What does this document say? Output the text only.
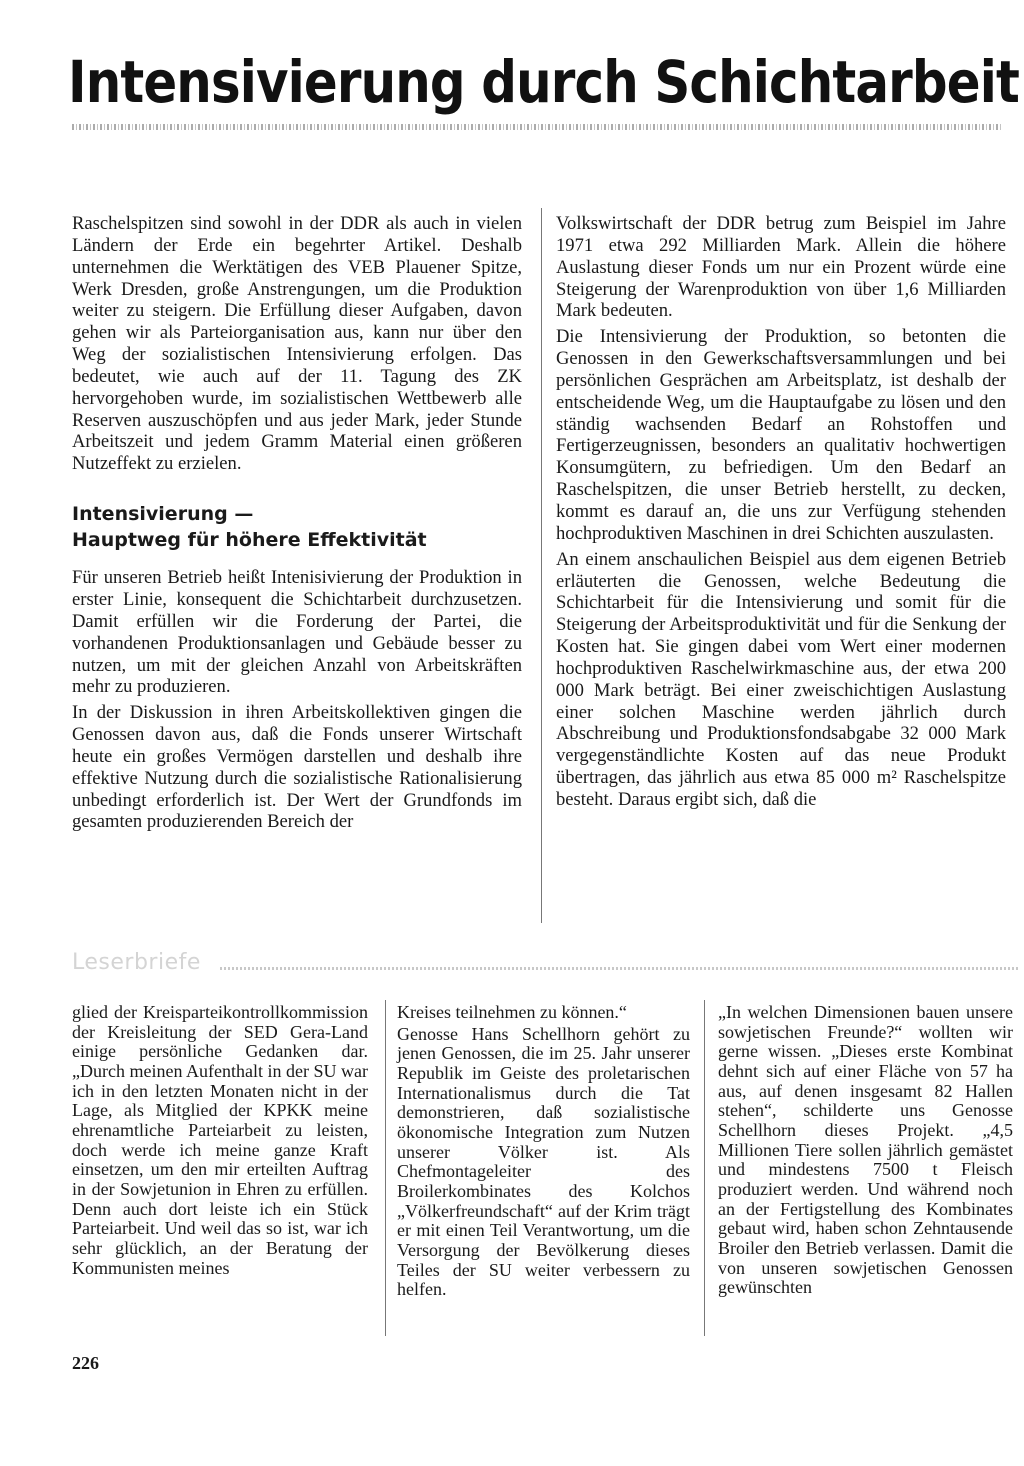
Intensivierung durch Schichtarbeit

Raschelspitzen sind sowohl in der DDR als auch in vielen Ländern der Erde ein begehrter Artikel. Deshalb unternehmen die Werktätigen des VEB Plauener Spitze, Werk Dresden, große Anstrengungen, um die Produktion weiter zu steigern. Die Erfüllung dieser Aufgaben, davon gehen wir als Parteiorganisation aus, kann nur über den Weg der sozialistischen Intensivierung erfolgen. Das bedeutet, wie auch auf der 11. Tagung des ZK hervorgehoben wurde, im sozialistischen Wettbewerb alle Reserven auszuschöpfen und aus jeder Mark, jeder Stunde Arbeitszeit und jedem Gramm Material einen größeren Nutzeffekt zu erzielen.

Intensivierung —
Hauptweg für höhere Effektivität

Für unseren Betrieb heißt Intenisivierung der Produktion in erster Linie, konsequent die Schichtarbeit durchzusetzen. Damit erfüllen wir die Forderung der Partei, die vorhandenen Produktionsanlagen und Gebäude besser zu nutzen, um mit der gleichen Anzahl von Arbeitskräften mehr zu produzieren.

In der Diskussion in ihren Arbeitskollektiven gingen die Genossen davon aus, daß die Fonds unserer Wirtschaft heute ein großes Vermögen darstellen und deshalb ihre effektive Nutzung durch die sozialistische Rationalisierung unbedingt erforderlich ist. Der Wert der Grundfonds im gesamten produzierenden Bereich der

Volkswirtschaft der DDR betrug zum Beispiel im Jahre 1971 etwa 292 Milliarden Mark. Allein die höhere Auslastung dieser Fonds um nur ein Prozent würde eine Steigerung der Warenproduktion von über 1,6 Milliarden Mark bedeuten.

Die Intensivierung der Produktion, so betonten die Genossen in den Gewerkschaftsversammlungen und bei persönlichen Gesprächen am Arbeitsplatz, ist deshalb der entscheidende Weg, um die Hauptaufgabe zu lösen und den ständig wachsenden Bedarf an Rohstoffen und Fertigerzeugnissen, besonders an qualitativ hochwertigen Konsumgütern, zu befriedigen. Um den Bedarf an Raschelspitzen, die unser Betrieb herstellt, zu decken, kommt es darauf an, die uns zur Verfügung stehenden hochproduktiven Maschinen in drei Schichten auszulasten.

An einem anschaulichen Beispiel aus dem eigenen Betrieb erläuterten die Genossen, welche Bedeutung die Schichtarbeit für die Intensivierung und somit für die Steigerung der Arbeitsproduktivität und für die Senkung der Kosten hat. Sie gingen dabei vom Wert einer modernen hochproduktiven Raschelwirkmaschine aus, der etwa 200 000 Mark beträgt. Bei einer zweischichtigen Auslastung einer solchen Maschine werden jährlich durch Abschreibung und Produktionsfondsabgabe 32 000 Mark vergegenständlichte Kosten auf das neue Produkt übertragen, das jährlich aus etwa 85 000 m² Raschelspitze besteht. Daraus ergibt sich, daß die

Leserbriefe

glied der Kreisparteikontrollkommission der Kreisleitung der SED Gera-Land einige persönliche Gedanken dar. „Durch meinen Aufenthalt in der SU war ich in den letzten Monaten nicht in der Lage, als Mitglied der KPKK meine ehrenamtliche Parteiarbeit zu leisten, doch werde ich meine ganze Kraft einsetzen, um den mir erteilten Auftrag in der Sowjetunion in Ehren zu erfüllen. Denn auch dort leiste ich ein Stück Parteiarbeit. Und weil das so ist, war ich sehr glücklich, an der Beratung der Kommunisten meines

Kreises teilnehmen zu können.“

Genosse Hans Schellhorn gehört zu jenen Genossen, die im 25. Jahr unserer Republik im Geiste des proletarischen Internationalismus durch die Tat demonstrieren, daß sozialistische ökonomische Integration zum Nutzen unserer Völker ist. Als Chefmontageleiter des Broilerkombinates des Kolchos „Völkerfreundschaft“ auf der Krim trägt er mit einen Teil Verantwortung, um die Versorgung der Bevölkerung dieses Teiles der SU weiter verbessern zu helfen.

„In welchen Dimensionen bauen unsere sowjetischen Freunde?“ wollten wir gerne wissen. „Dieses erste Kombinat dehnt sich auf einer Fläche von 57 ha aus, auf denen insgesamt 82 Hallen stehen“, schilderte uns Genosse Schellhorn dieses Projekt. „4,5 Millionen Tiere sollen jährlich gemästet und mindestens 7500 t Fleisch produziert werden. Und während noch an der Fertigstellung des Kombinates gebaut wird, haben schon Zehntausende Broiler den Betrieb verlassen. Damit die von unseren sowjetischen Genossen gewünschten

226
